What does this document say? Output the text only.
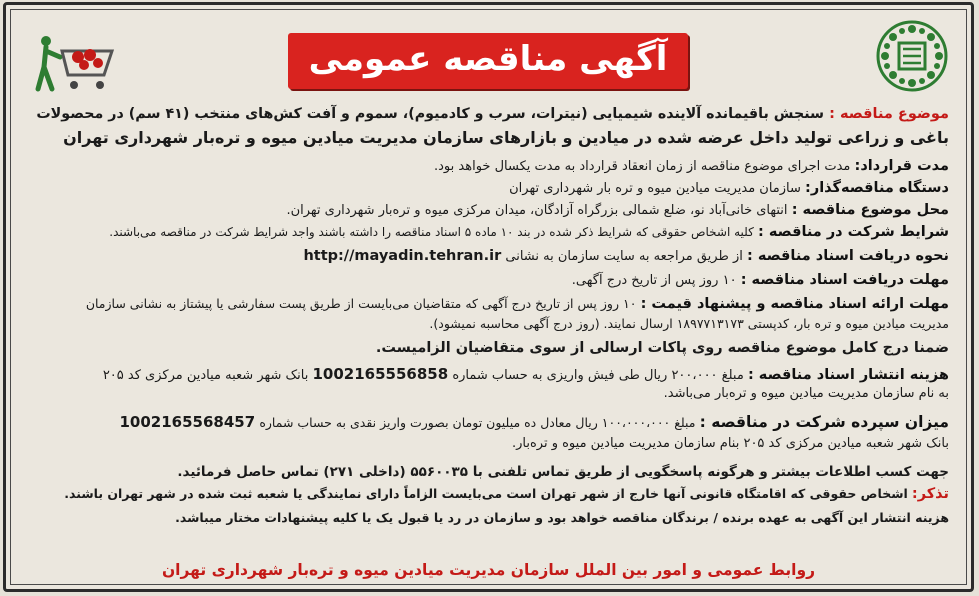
آگهی مناقصه عمومی
موضوع مناقصه : سنجش باقیمانده آلاینده شیمیایی (نیترات، سرب و کادمیوم)، سموم و آفت کش‌های منتخب (۴۱ سم) در محصولات
باغی و زراعی تولید داخل عرضه شده در میادین و بازارهای سازمان مدیریت میادین میوه و تره‌بار شهرداری تهران
مدت قرارداد: مدت اجرای موضوع مناقصه از زمان انعقاد قرارداد به مدت یکسال خواهد بود.
دستگاه مناقصه‌گذار: سازمان مدیریت میادین میوه و تره بار شهرداری تهران
محل موضوع مناقصه : انتهای خانی‌آباد نو، ضلع شمالی بزرگراه آزادگان، میدان مرکزی میوه و تره‌بار شهرداری تهران.
شرایط شرکت در مناقصه : کلیه اشخاص حقوقی که شرایط ذکر شده در بند ۱۰ ماده ۵ اسناد مناقصه را داشته باشند واجد شرایط شرکت در مناقصه می‌باشند.
نحوه دریافت اسناد مناقصه : از طریق مراجعه به سایت سازمان به نشانی http://mayadin.tehran.ir
مهلت دریافت اسناد مناقصه : ۱۰ روز پس از تاریخ درج آگهی.
مهلت ارائه اسناد مناقصه و پیشنهاد قیمت : ۱۰ روز پس از تاریخ درج آگهی که متقاضیان می‌بایست از طریق پست سفارشی یا پیشتاز به نشانی سازمان
مدیریت میادین میوه و تره بار، کدپستی ۱۸۹۷۷۱۳۱۷۳ ارسال نمایند. (روز درج آگهی محاسبه نمیشود).
ضمنا درج کامل موضوع مناقصه روی پاکات ارسالی از سوی متقاضیان الزامیست.
هزینه انتشار اسناد مناقصه : مبلغ ۲۰۰،۰۰۰ ریال طی فیش واریزی به حساب شماره 1002165556858 بانک شهر شعبه میادین مرکزی کد ۲۰۵
به نام سازمان مدیریت میادین میوه و تره‌بار می‌باشد.
میزان سپرده شرکت در مناقصه : مبلغ ۱۰۰،۰۰۰،۰۰۰ ریال معادل ده میلیون تومان بصورت واریز نقدی به حساب شماره 1002165568457
بانک شهر شعبه میادین مرکزی کد ۲۰۵ بنام سازمان مدیریت میادین میوه و تره‌بار.
جهت کسب اطلاعات بیشتر و هرگونه پاسخگویی از طریق تماس تلفنی با ۵۵۶۰۰۳۵ (داخلی ۲۷۱) تماس حاصل فرمائید.
تذکر: اشخاص حقوقی که اقامتگاه قانونی آنها خارج از شهر تهران است می‌بایست الزاماً دارای نمایندگی یا شعبه ثبت شده در شهر تهران باشند.
هزینه انتشار این آگهی به عهده برنده / برندگان مناقصه خواهد بود و سازمان در رد یا قبول یک یا کلیه پیشنهادات مختار میباشد.
روابط عمومی و امور بین الملل سازمان مدیریت میادین میوه و تره‌بار شهرداری تهران
